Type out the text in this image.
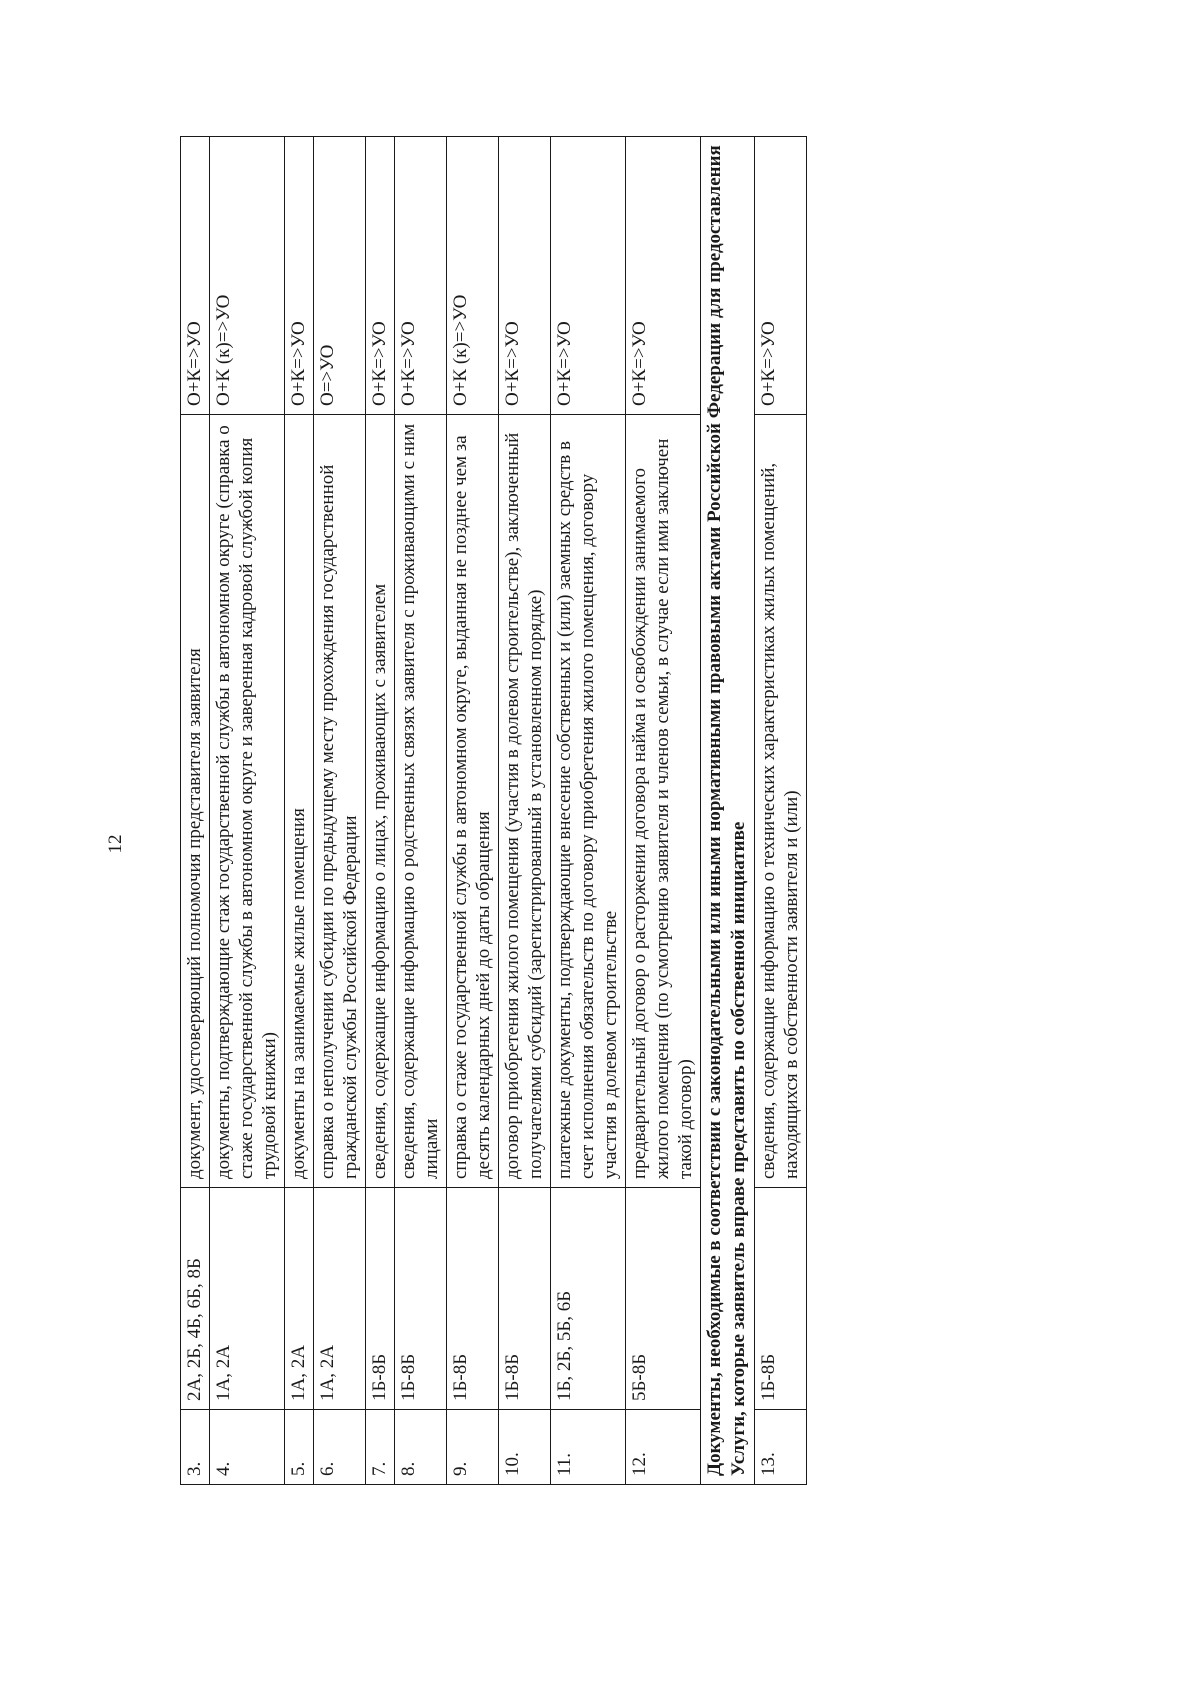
12
3.	2А, 2Б, 4Б, 6Б, 8Б	документ, удостоверяющий полномочия представителя заявителя	О+К=>УО
4.	1А, 2А	документы, подтверждающие стаж государственной службы в автономном округе (справка о стаже государственной службы в автономном округе и заверенная кадровой службой копия трудовой книжки)	О+К (к)=>УО
5.	1А, 2А	документы на занимаемые жилые помещения	О+К=>УО
6.	1А, 2А	справка о неполучении субсидии по предыдущему месту прохождения государственной гражданской службы Российской Федерации	О=>УО
7.	1Б-8Б	сведения, содержащие информацию о лицах, проживающих с заявителем	О+К=>УО
8.	1Б-8Б	сведения, содержащие информацию о родственных связях заявителя с проживающими с ним лицами	О+К=>УО
9.	1Б-8Б	справка о стаже государственной службы в автономном округе, выданная не позднее чем за десять календарных дней до даты обращения	О+К (к)=>УО
10.	1Б-8Б	договор приобретения жилого помещения (участия в долевом строительстве), заключенный получателями субсидий (зарегистрированный в установленном порядке)	О+К=>УО
11.	1Б, 2Б, 5Б, 6Б	платежные документы, подтверждающие внесение собственных и (или) заемных средств в счет исполнения обязательств по договору приобретения жилого помещения, договору участия в долевом строительстве	О+К=>УО
12.	5Б-8Б	предварительный договор о расторжении договора найма и освобождении занимаемого жилого помещения (по усмотрению заявителя и членов семьи, в случае если ими заключен такой договор)	О+К=>УО
Документы, необходимые в соответствии с законодательными или иными нормативными правовыми актами Российской Федерации для предоставления Услуги, которые заявитель вправе представить по собственной инициативе			
13.	1Б-8Б	сведения, содержащие информацию о технических характеристиках жилых помещений, находящихся в собственности заявителя и (или)	О+К=>УО
